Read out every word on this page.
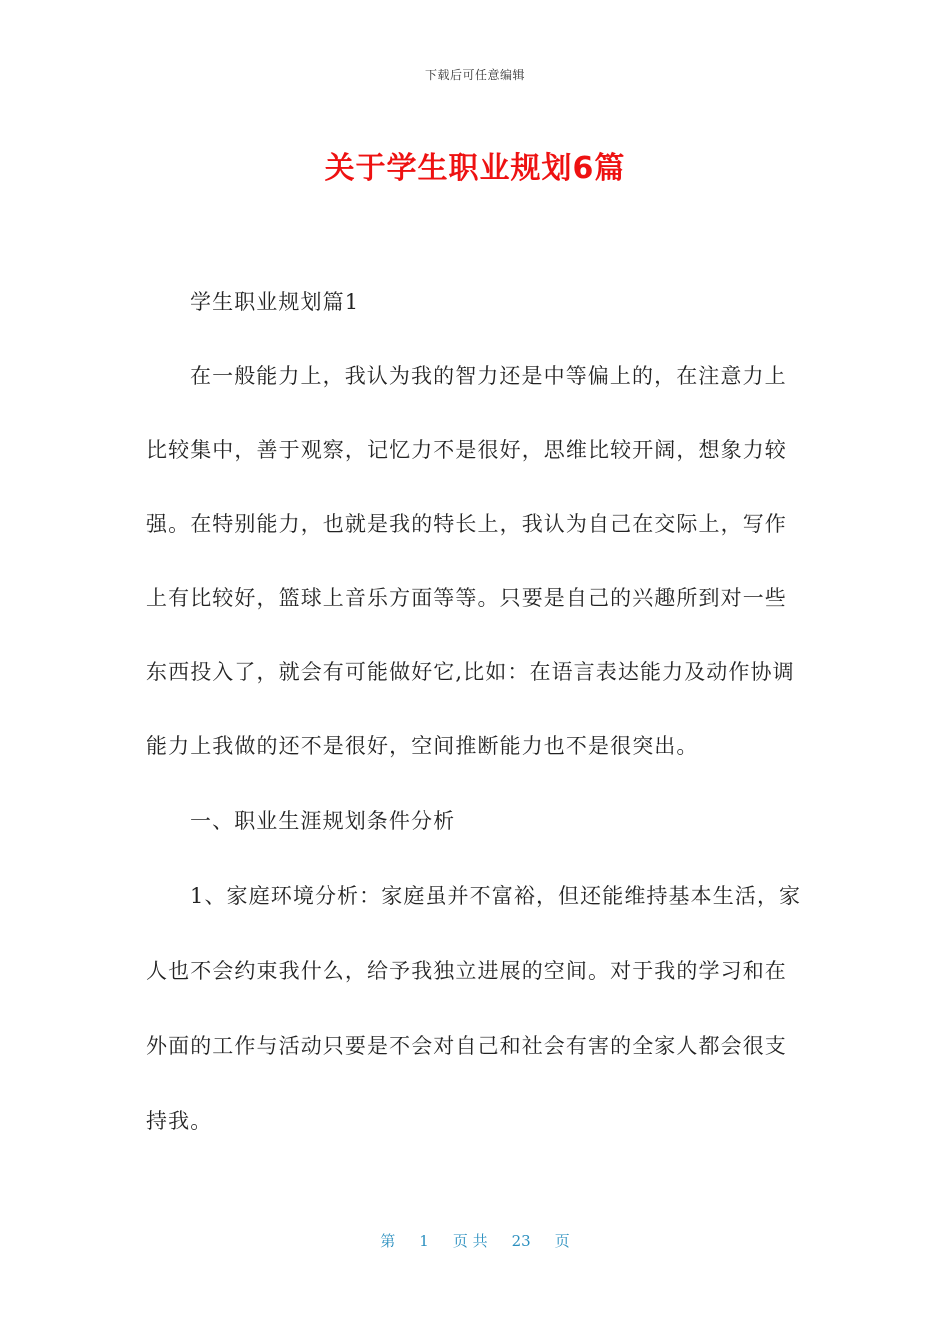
下载后可任意编辑
关于学生职业规划6篇
学生职业规划篇1
在一般能力上，我认为我的智力还是中等偏上的，在注意力上
比较集中，善于观察，记忆力不是很好，思维比较开阔，想象力较
强。在特别能力，也就是我的特长上，我认为自己在交际上，写作
上有比较好，篮球上音乐方面等等。只要是自己的兴趣所到对一些
东西投入了，就会有可能做好它,比如：在语言表达能力及动作协调
能力上我做的还不是很好，空间推断能力也不是很突出。
一、职业生涯规划条件分析
1、家庭环境分析：家庭虽并不富裕，但还能维持基本生活，家
人也不会约束我什么，给予我独立进展的空间。对于我的学习和在
外面的工作与活动只要是不会对自己和社会有害的全家人都会很支
持我。
第 1 页 共 23 页
